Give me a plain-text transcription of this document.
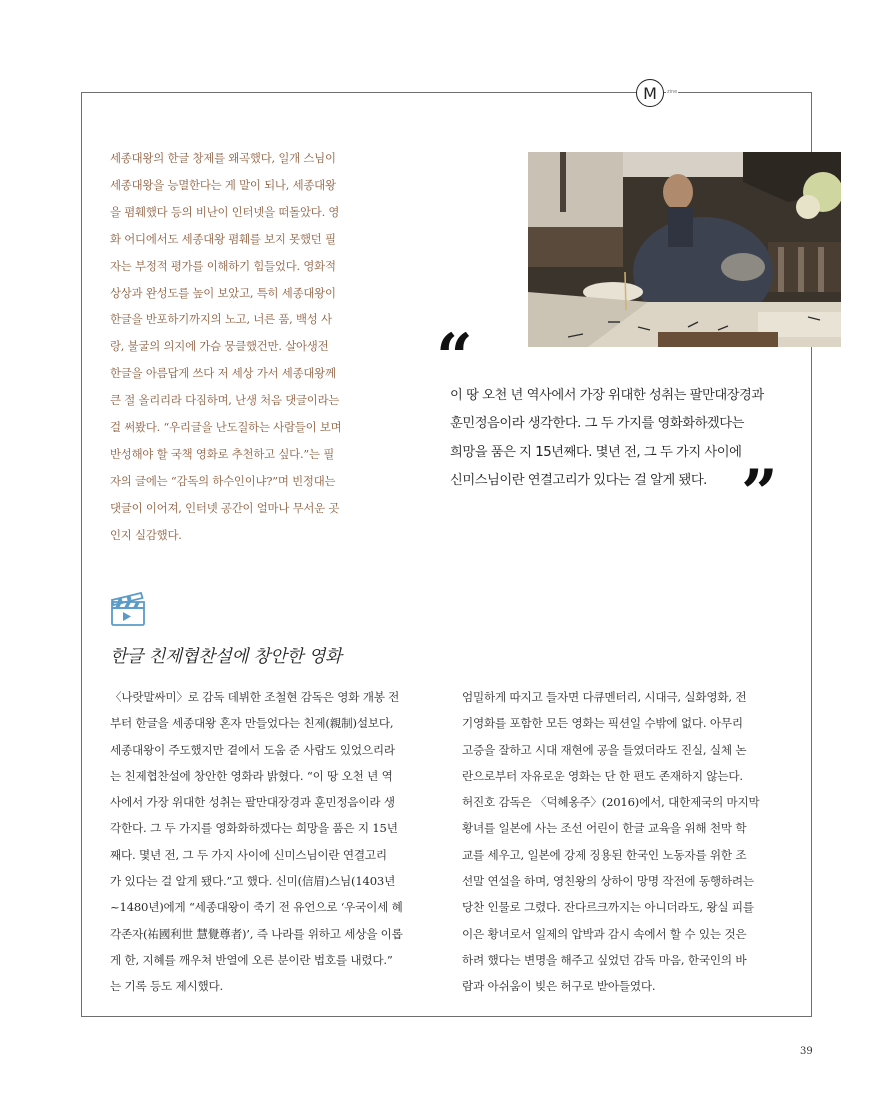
M zine
세종대왕의 한글 창제를 왜곡했다, 일개 스님이
세종대왕을 능멸한다는 게 말이 되나, 세종대왕
을 폄훼했다 등의 비난이 인터넷을 떠돌았다. 영
화 어디에서도 세종대왕 폄훼를 보지 못했던 필
자는 부정적 평가를 이해하기 힘들었다. 영화적
상상과 완성도를 높이 보았고, 특히 세종대왕이
한글을 반포하기까지의 노고, 너른 품, 백성 사
랑, 불굴의 의지에 가슴 뭉클했건만. 살아생전
한글을 아름답게 쓰다 저 세상 가서 세종대왕께
큰 절 올리리라 다짐하며, 난생 처음 댓글이라는
걸 써봤다. “우리글을 난도질하는 사람들이 보며
반성해야 할 국책 영화로 추천하고 싶다.”는 필
자의 글에는 “감독의 하수인이냐?”며 빈정대는
댓글이 이어져, 인터넷 공간이 얼마나 무서운 곳
인지 실감했다.
“
이 땅 오천 년 역사에서 가장 위대한 성취는 팔만대장경과
훈민정음이라 생각한다. 그 두 가지를 영화화하겠다는
희망을 품은 지 15년째다. 몇년 전, 그 두 가지 사이에
신미스님이란 연결고리가 있다는 걸 알게 됐다. ”
한글 친제협찬설에 창안한 영화
〈나랏말싸미〉로 감독 데뷔한 조철현 감독은 영화 개봉 전
부터 한글을 세종대왕 혼자 만들었다는 친제(親制)설보다,
세종대왕이 주도했지만 곁에서 도움 준 사람도 있었으리라
는 친제협찬설에 창안한 영화라 밝혔다. “이 땅 오천 년 역
사에서 가장 위대한 성취는 팔만대장경과 훈민정음이라 생
각한다. 그 두 가지를 영화화하겠다는 희망을 품은 지 15년
째다. 몇년 전, 그 두 가지 사이에 신미스님이란 연결고리
가 있다는 걸 알게 됐다.”고 했다. 신미(信眉)스님(1403년
~1480년)에게 “세종대왕이 죽기 전 유언으로 ‘우국이세 혜
각존자(祐國利世 慧覺尊者)’, 즉 나라를 위하고 세상을 이롭
게 한, 지혜를 깨우쳐 반열에 오른 분이란 법호를 내렸다.”
는 기록 등도 제시했다.
엄밀하게 따지고 들자면 다큐멘터리, 시대극, 실화영화, 전
기영화를 포함한 모든 영화는 픽션일 수밖에 없다. 아무리
고증을 잘하고 시대 재현에 공을 들였더라도 진실, 실체 논
란으로부터 자유로운 영화는 단 한 편도 존재하지 않는다.
허진호 감독은 〈덕혜옹주〉(2016)에서, 대한제국의 마지막
황녀를 일본에 사는 조선 어린이 한글 교육을 위해 천막 학
교를 세우고, 일본에 강제 징용된 한국인 노동자를 위한 조
선말 연설을 하며, 영친왕의 상하이 망명 작전에 동행하려는
당찬 인물로 그렸다. 잔다르크까지는 아니더라도, 왕실 피를
이은 황녀로서 일제의 압박과 감시 속에서 할 수 있는 것은
하려 했다는 변명을 해주고 싶었던 감독 마음, 한국인의 바
람과 아쉬움이 빚은 허구로 받아들였다.
39
